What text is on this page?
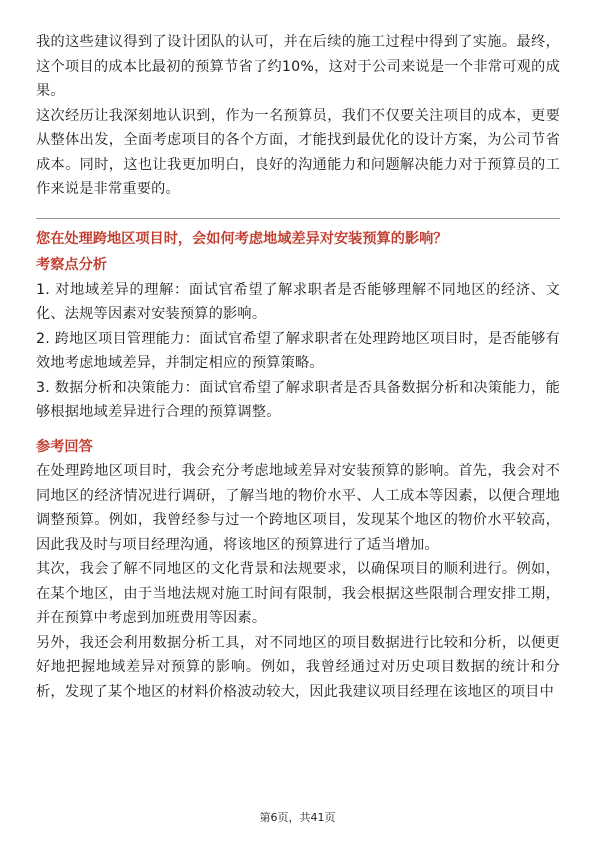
我的这些建议得到了设计团队的认可，并在后续的施工过程中得到了实施。最终，这个项目的成本比最初的预算节省了约10%，这对于公司来说是一个非常可观的成果。

这次经历让我深刻地认识到，作为一名预算员，我们不仅要关注项目的成本，更要从整体出发，全面考虑项目的各个方面，才能找到最优化的设计方案，为公司节省成本。同时，这也让我更加明白，良好的沟通能力和问题解决能力对于预算员的工作来说是非常重要的。

您在处理跨地区项目时，会如何考虑地域差异对安装预算的影响？
考察点分析

1. 对地域差异的理解：面试官希望了解求职者是否能够理解不同地区的经济、文化、法规等因素对安装预算的影响。

2. 跨地区项目管理能力：面试官希望了解求职者在处理跨地区项目时，是否能够有效地考虑地域差异，并制定相应的预算策略。

3. 数据分析和决策能力：面试官希望了解求职者是否具备数据分析和决策能力，能够根据地域差异进行合理的预算调整。

参考回答

在处理跨地区项目时，我会充分考虑地域差异对安装预算的影响。首先，我会对不同地区的经济情况进行调研，了解当地的物价水平、人工成本等因素，以便合理地调整预算。例如，我曾经参与过一个跨地区项目，发现某个地区的物价水平较高，因此我及时与项目经理沟通，将该地区的预算进行了适当增加。

其次，我会了解不同地区的文化背景和法规要求，以确保项目的顺利进行。例如，在某个地区，由于当地法规对施工时间有限制，我会根据这些限制合理安排工期，并在预算中考虑到加班费用等因素。

另外，我还会利用数据分析工具，对不同地区的项目数据进行比较和分析，以便更好地把握地域差异对预算的影响。例如，我曾经通过对历史项目数据的统计和分析，发现了某个地区的材料价格波动较大，因此我建议项目经理在该地区的项目中

第6页，共41页
